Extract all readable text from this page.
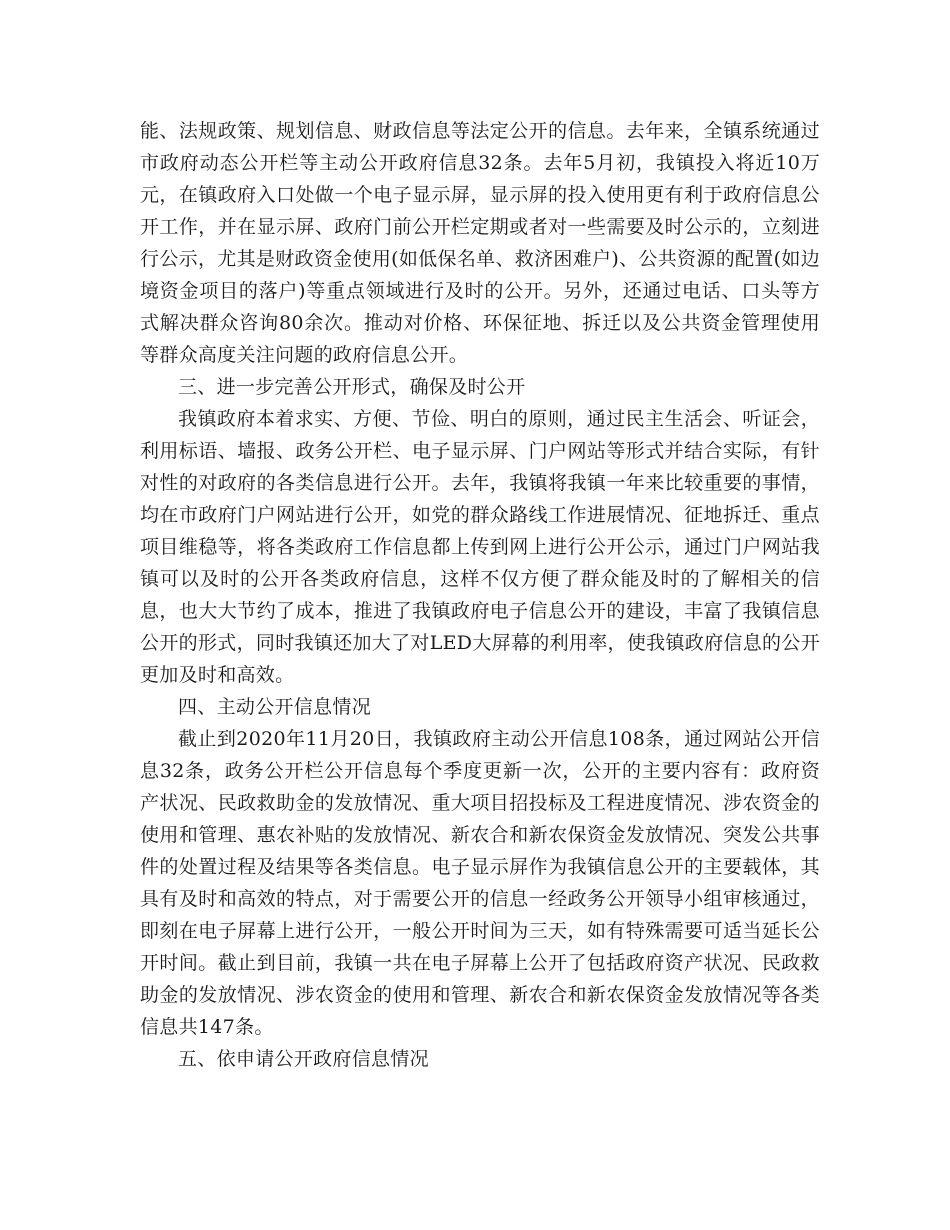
能、法规政策、规划信息、财政信息等法定公开的信息。去年来，全镇系统通过市政府动态公开栏等主动公开政府信息32条。去年5月初，我镇投入将近10万元，在镇政府入口处做一个电子显示屏，显示屏的投入使用更有利于政府信息公开工作，并在显示屏、政府门前公开栏定期或者对一些需要及时公示的，立刻进行公示，尤其是财政资金使用(如低保名单、救济困难户)、公共资源的配置(如边境资金项目的落户)等重点领域进行及时的公开。另外，还通过电话、口头等方式解决群众咨询80余次。推动对价格、环保征地、拆迁以及公共资金管理使用等群众高度关注问题的政府信息公开。

三、进一步完善公开形式，确保及时公开

我镇政府本着求实、方便、节俭、明白的原则，通过民主生活会、听证会，利用标语、墙报、政务公开栏、电子显示屏、门户网站等形式并结合实际，有针对性的对政府的各类信息进行公开。去年，我镇将我镇一年来比较重要的事情，均在市政府门户网站进行公开，如党的群众路线工作进展情况、征地拆迁、重点项目维稳等，将各类政府工作信息都上传到网上进行公开公示，通过门户网站我镇可以及时的公开各类政府信息，这样不仅方便了群众能及时的了解相关的信息，也大大节约了成本，推进了我镇政府电子信息公开的建设，丰富了我镇信息公开的形式，同时我镇还加大了对LED大屏幕的利用率，使我镇政府信息的公开更加及时和高效。

四、主动公开信息情况

截止到2020年11月20日，我镇政府主动公开信息108条，通过网站公开信息32条，政务公开栏公开信息每个季度更新一次，公开的主要内容有：政府资产状况、民政救助金的发放情况、重大项目招投标及工程进度情况、涉农资金的使用和管理、惠农补贴的发放情况、新农合和新农保资金发放情况、突发公共事件的处置过程及结果等各类信息。电子显示屏作为我镇信息公开的主要载体，其具有及时和高效的特点，对于需要公开的信息一经政务公开领导小组审核通过，即刻在电子屏幕上进行公开，一般公开时间为三天，如有特殊需要可适当延长公开时间。截止到目前，我镇一共在电子屏幕上公开了包括政府资产状况、民政救助金的发放情况、涉农资金的使用和管理、新农合和新农保资金发放情况等各类信息共147条。

五、依申请公开政府信息情况
